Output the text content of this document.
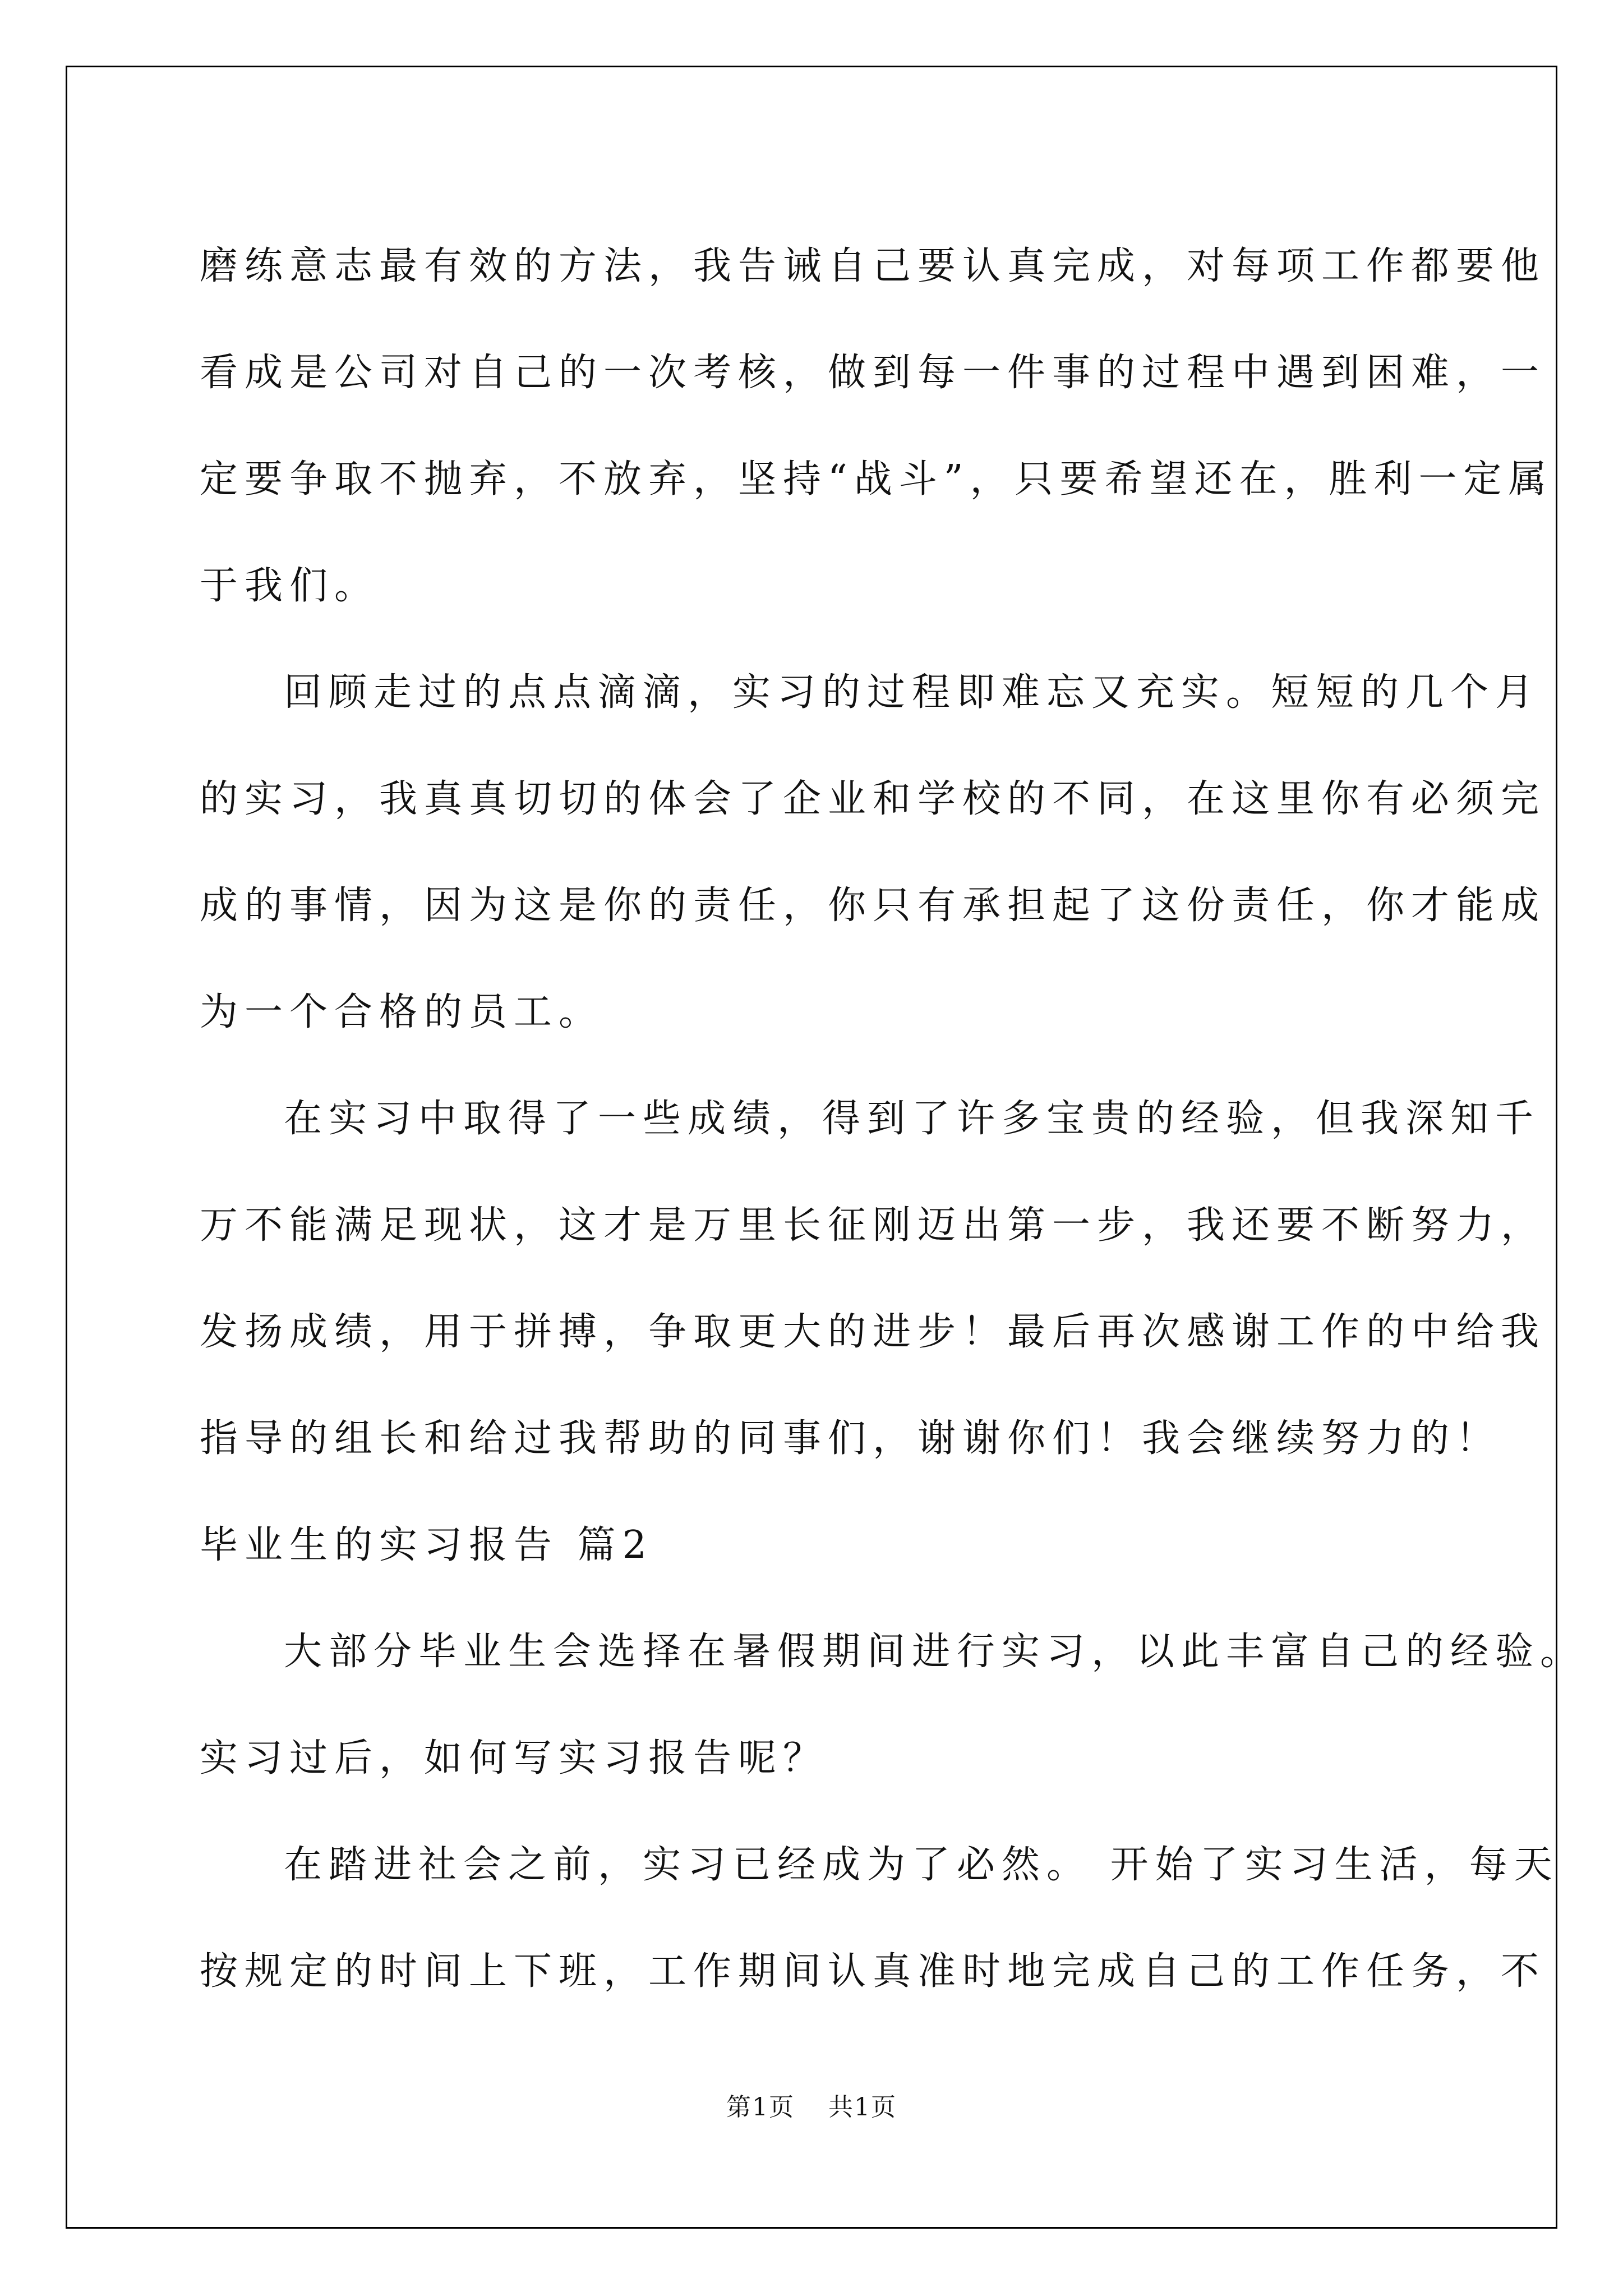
磨练意志最有效的方法，我告诫自己要认真完成，对每项工作都要他
看成是公司对自己的一次考核，做到每一件事的过程中遇到困难，一
定要争取不抛弃，不放弃，坚持“战斗”，只要希望还在，胜利一定属
于我们。
回顾走过的点点滴滴，实习的过程即难忘又充实。短短的几个月
的实习，我真真切切的体会了企业和学校的不同，在这里你有必须完
成的事情，因为这是你的责任，你只有承担起了这份责任，你才能成
为一个合格的员工。
在实习中取得了一些成绩，得到了许多宝贵的经验，但我深知千
万不能满足现状，这才是万里长征刚迈出第一步，我还要不断努力，
发扬成绩，用于拼搏，争取更大的进步！最后再次感谢工作的中给我
指导的组长和给过我帮助的同事们，谢谢你们！我会继续努力的！
毕业生的实习报告 篇2
大部分毕业生会选择在暑假期间进行实习，以此丰富自己的经验。
实习过后，如何写实习报告呢？
在踏进社会之前，实习已经成为了必然。 开始了实习生活，每天
按规定的时间上下班，工作期间认真准时地完成自己的工作任务，不
第1页 共1页
